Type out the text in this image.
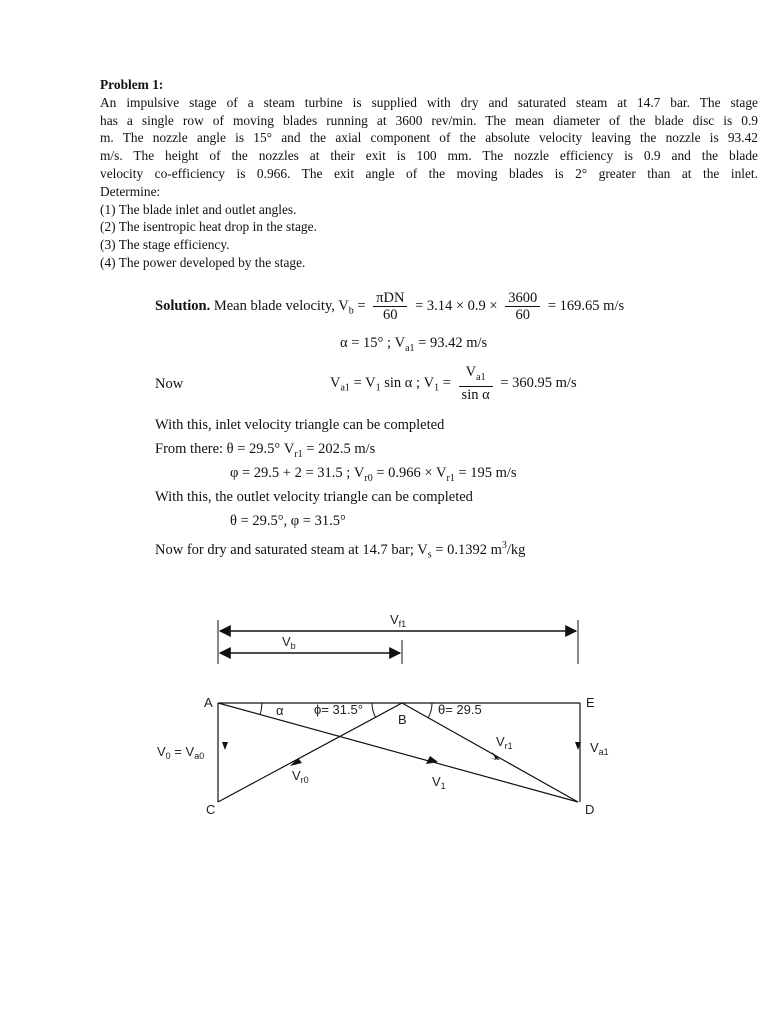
Problem 1:
An impulsive stage of a steam turbine is supplied with dry and saturated steam at 14.7 bar. The stage
has a single row of moving blades running at 3600 rev/min. The mean diameter of the blade disc is 0.9
m. The nozzle angle is 15° and the axial component of the absolute velocity leaving the nozzle is 93.42
m/s. The height of the nozzles at their exit is 100 mm. The nozzle efficiency is 0.9 and the blade
velocity co-efficiency is 0.966. The exit angle of the moving blades is 2° greater than at the inlet.
Determine:
(1) The blade inlet and outlet angles.
(2) The isentropic heat drop in the stage.
(3) The stage efficiency.
(4) The power developed by the stage.
Solution. Mean blade velocity, $V_b = \frac{\text{πDN}}{60} = 3.14 \times 0.9 \times \frac{3600}{60} = 169.65$ m/s
α = 15° ; $V_{a1} = 93.42$ m/s
Now	$V_{a1} = V_1$ sin α ; $V_1 = \frac{V_{a1}}{\text{sin α}} = 360.95$ m/s
With this, inlet velocity triangle can be completed
From there: θ = 29.5° $V_{r1} = 202.5$ m/s
φ = 29.5 + 2 = 31.5 ; $V_{r0} = 0.966 \times V_{r1} = 195$ m/s
With this, the outlet velocity triangle can be completed
θ = 29.5°, φ = 31.5°
Now for dry and saturated steam at 14.7 bar; $V_s = 0.1392$ $m^3/kg$
$V_{f1}$
$V_b$
A
B
C	D
E
α ϕ= 31.5°	θ= 29.5
$V_0 = V_{a0}$
$V_{r0}$	$V_1$
$V_{r1}$	$V_{a1}$
